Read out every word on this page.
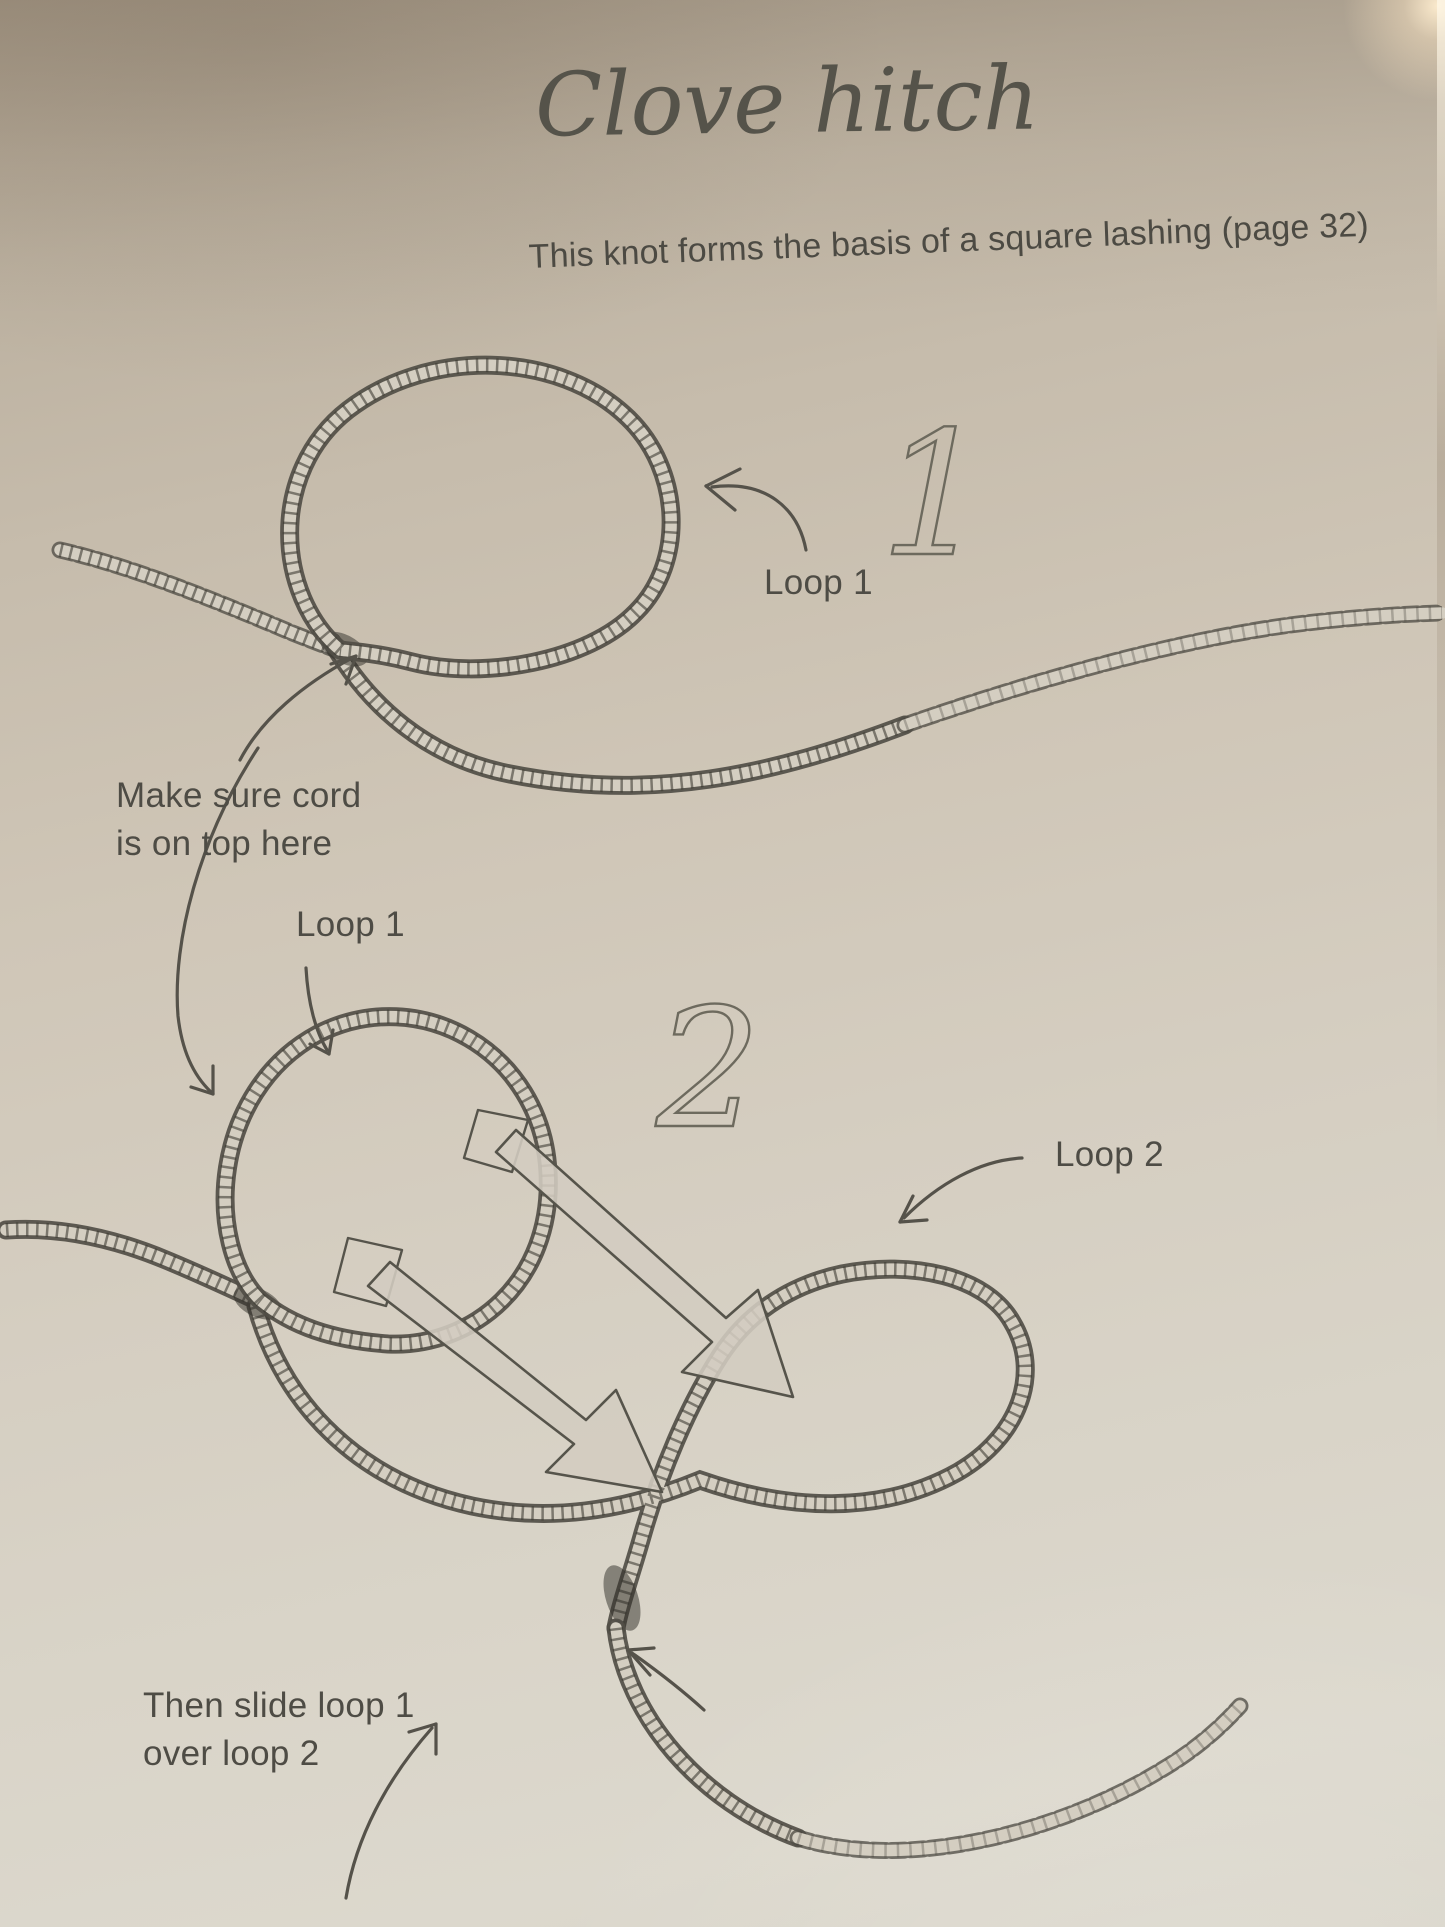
1
2
Clove hitch
This knot forms the basis of a square lashing (page 32)
Loop 1
Make sure cord
is on top here
Loop 1
Loop 2
Then slide loop 1
over loop 2
